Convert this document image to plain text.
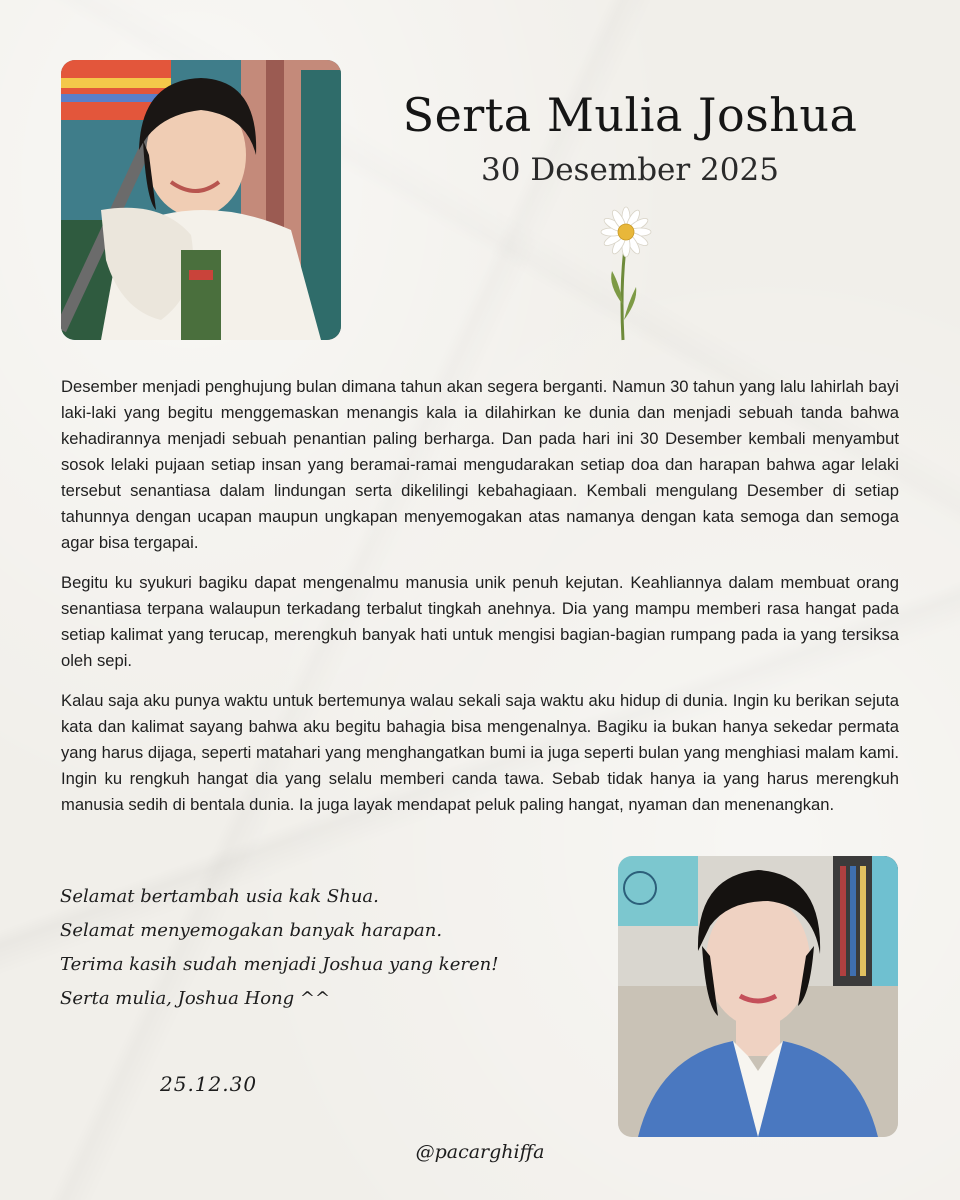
Serta Mulia Joshua
30 Desember 2025

Desember menjadi penghujung bulan dimana tahun akan segera berganti. Namun 30 tahun yang lalu lahirlah bayi laki-laki yang begitu menggemaskan menangis kala ia dilahirkan ke dunia dan menjadi sebuah tanda bahwa kehadirannya menjadi sebuah penantian paling berharga. Dan pada hari ini 30 Desember kembali menyambut sosok lelaki pujaan setiap insan yang beramai-ramai mengudarakan setiap doa dan harapan bahwa agar lelaki tersebut senantiasa dalam lindungan serta dikelilingi kebahagiaan. Kembali mengulang Desember di setiap tahunnya dengan ucapan maupun ungkapan menyemogakan atas namanya dengan kata semoga dan semoga agar bisa tergapai.

Begitu ku syukuri bagiku dapat mengenalmu manusia unik penuh kejutan. Keahliannya dalam membuat orang senantiasa terpana walaupun terkadang terbalut tingkah anehnya. Dia yang mampu memberi rasa hangat pada setiap kalimat yang terucap, merengkuh banyak hati untuk mengisi bagian-bagian rumpang pada ia yang tersiksa oleh sepi.

Kalau saja aku punya waktu untuk bertemunya walau sekali saja waktu aku hidup di dunia. Ingin ku berikan sejuta kata dan kalimat sayang bahwa aku begitu bahagia bisa mengenalnya. Bagiku ia bukan hanya sekedar permata yang harus dijaga, seperti matahari yang menghangatkan bumi ia juga seperti bulan yang menghiasi malam kami. Ingin ku rengkuh hangat dia yang selalu memberi canda tawa. Sebab tidak hanya ia yang harus merengkuh manusia sedih di bentala dunia. Ia juga layak mendapat peluk paling hangat, nyaman dan menenangkan.

Selamat bertambah usia kak Shua.
Selamat menyemogakan banyak harapan.
Terima kasih sudah menjadi Joshua yang keren!
Serta mulia, Joshua Hong ^^
25.12.30
@pacarghiffa
